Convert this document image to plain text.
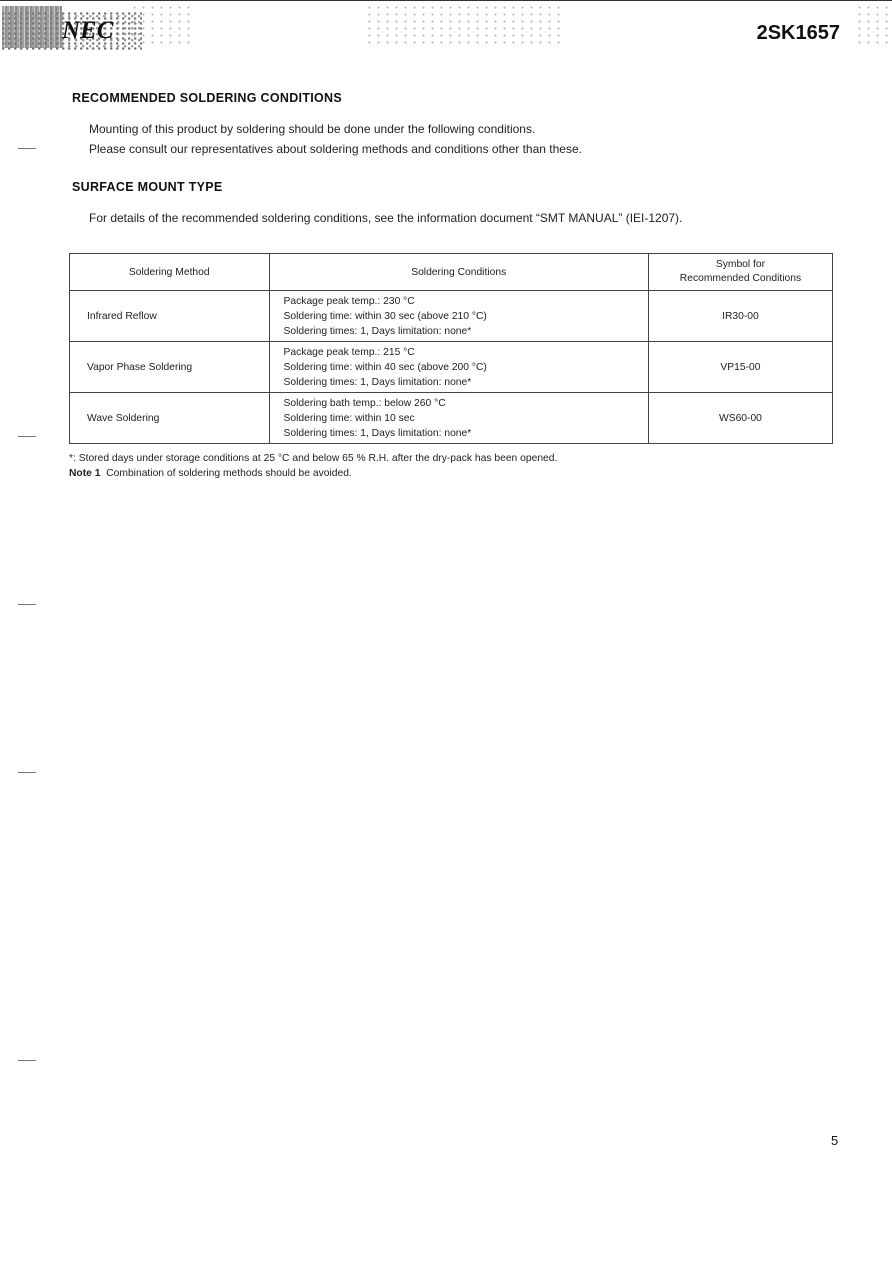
NEC	2SK1657
RECOMMENDED SOLDERING CONDITIONS
Mounting of this product by soldering should be done under the following conditions.
Please consult our representatives about soldering methods and conditions other than these.
SURFACE MOUNT TYPE
For details of the recommended soldering conditions, see the information document “SMT MANUAL” (IEI-1207).
Soldering Method	Soldering Conditions	Symbol for
Recommended Conditions

Infrared Reflow	Package peak temp.: 230 °C
Soldering time: within 30 sec (above 210 °C)
Soldering times: 1, Days limitation: none*	IR30-00
Vapor Phase Soldering	Package peak temp.: 215 °C
Soldering time: within 40 sec (above 200 °C)
Soldering times: 1, Days limitation: none*	VP15-00
Wave Soldering	Soldering bath temp.: below 260 °C
Soldering time: within 10 sec
Soldering times: 1, Days limitation: none*	WS60-00
*: Stored days under storage conditions at 25 °C and below 65 % R.H. after the dry-pack has been opened.
Note 1 Combination of soldering methods should be avoided.
5
